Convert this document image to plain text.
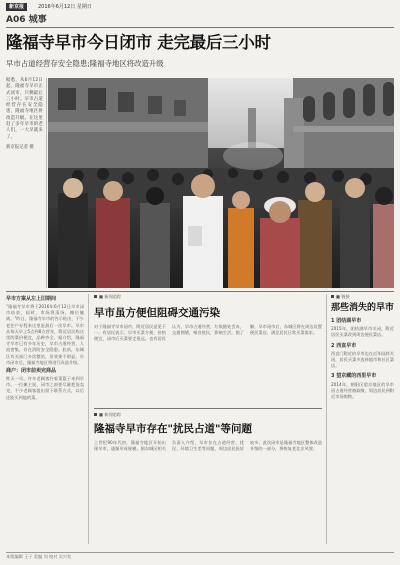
新京报	2016年6月12日 星期日
A06 城事
隆福寺早市今日闭市 走完最后三小时
早市占道经营存安全隐患;隆福寺地区将改造升级

据悉，从6月12日起，隆福寺早市正式闭市，只剩最后三小时。早市占道经营存在安全隐患，隆福寺地区将改造升级。在这里赶了多年早市的老人们，一大早就来了。

新京报记者 摄
早市方案从左上旧期间

"隆福寺早市将于2016年6月12日早市闭市结束，届时，市场将清场，摊位撤离。"昨日，隆福寺早市的告示贴出，不少老住户专程来这里赶最后一次早市。早市从每天早上5点到8点营业，附近居民称这里的菜价便宜，品种齐全。据介绍，隆福寺早市已有多年历史，早市占道经营，人流密集，存在消防安全隐患。此前，东城区有关部门多次整治，但效果不明显。早市闭市后，隆福寺地区将进行改造升级。

商户：闭市前卖完商品

昨天一早，许多老顾客拎着菜篮子来到早市。一位摊主说，闭市之前要尽量把货卖完，不少老顾客提出留下联系方式，以后还能买到他的菜。

■ 新闻追踪
早市虽方便但阻碍交通污染
对于隆福寺早市闭市，附近居民意见不一。有居民表示，早市买菜方便，价格便宜，闭市后买菜要走很远。也有居民认为，早市占道经营，垃圾随处丢弃，交通拥堵，噪音扰民，影响生活。据了解，早市闭市后，东城区将在周边设置便民菜店，满足居民日常买菜需求。
■ 新闻追踪
隆福寺早市存在"扰民占道"等问题
上世纪90年代初，隆福寺地区开始出现早市，逐渐形成规模。据东城区相关负责人介绍，早市存在占道经营、扰民、环境卫生差等问题，周边居民投诉较多。此次闭市是隆福寺地区整体改造升级的一部分，将恢复老北京风貌。
■ 链接
那些消失的早市
1 团结湖早市

2015年，团结湖早市关闭，附近居民买菜改到周边便民菜店。

2 西直早市

西直门附近的早市也在近年陆续关闭，居民买菜多选择超市和社区菜店。

3 望京藏的西里早市

2014年，朝阳区望京地区的早市因占道经营被取缔，周边居民到附近市场购物。

本版编辑 王子 美编 刘 校对 吴兴发
